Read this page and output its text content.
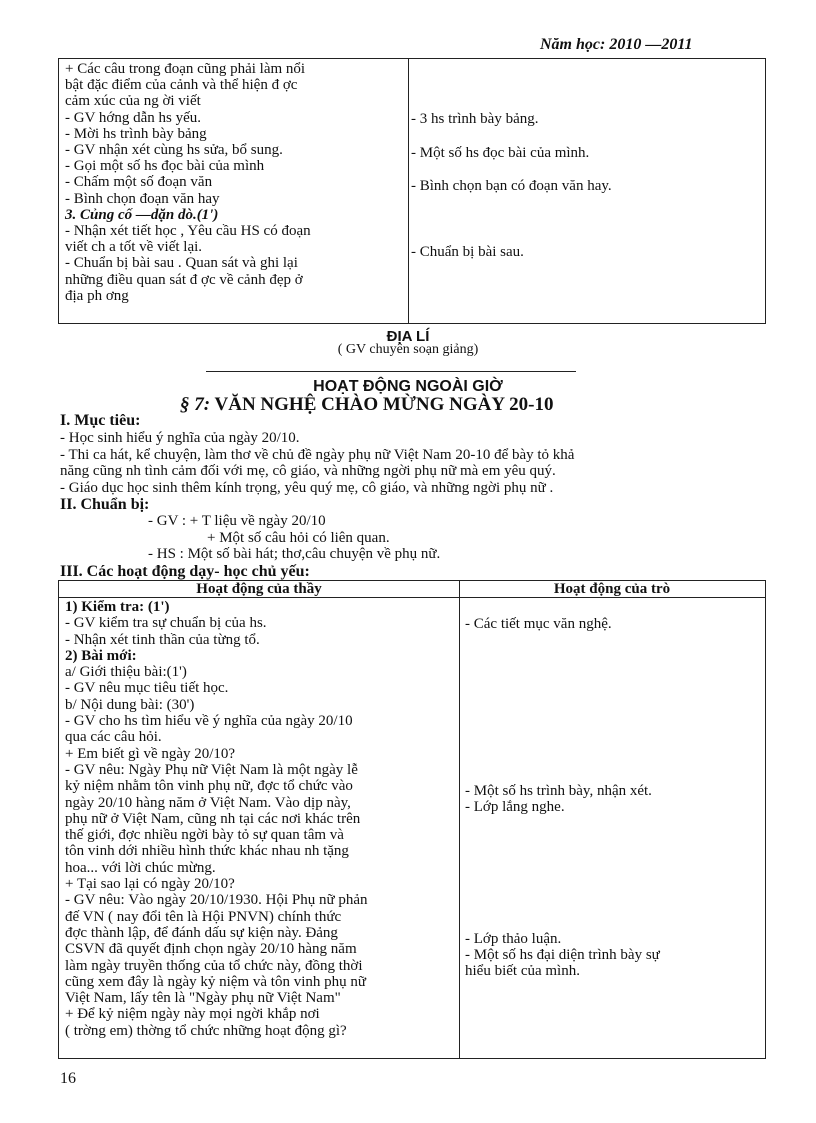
Năm học: 2010 —2011
+ Các câu trong đoạn cũng phải làm nổi
bật đặc điểm của cảnh và thể hiện đ ợc
cảm xúc của ng ời viết
- GV hớng dẫn hs yếu.
- Mời hs trình bày bảng
- GV nhận xét cùng hs sửa, bổ sung.
- Gọi một số hs đọc bài của mình
- Chấm một số đoạn văn
- Bình chọn đoạn văn hay
3. Củng cố —dặn dò.(1')
- Nhận xét tiết học , Yêu cầu HS có đoạn
viết ch a tốt về viết lại.
- Chuẩn bị bài sau . Quan sát và ghi lại
những điều quan sát đ ợc về cảnh đẹp ở
địa ph ơng
- 3 hs trình bày bảng.
- Một số hs đọc bài của mình.
- Bình chọn bạn có đoạn văn hay.
- Chuẩn bị bài sau.
ĐỊA LÍ
( GV chuyên soạn giảng)
HOẠT ĐỘNG NGOÀI GIỜ
§ 7: VĂN NGHỆ CHÀO MỪNG NGÀY 20-10
I. Mục tiêu:
- Học sinh hiểu ý nghĩa của ngày 20/10.
- Thi ca hát, kể chuyện, làm thơ về chủ đề ngày phụ nữ Việt Nam 20-10 để bày tỏ khả
năng cũng nh tình cảm đối với mẹ, cô giáo, và những ngời phụ nữ mà em yêu quý.
- Giáo dục học sinh thêm kính trọng, yêu quý mẹ, cô giáo, và những ngời phụ nữ .
II. Chuẩn bị:
- GV : + T liệu về ngày 20/10
+ Một số câu hỏi có liên quan.
- HS : Một số bài hát; thơ,câu chuyện về phụ nữ.
III. Các hoạt động dạy- học chủ yếu:
Hoạt động của thầy	Hoạt động của trò
1) Kiểm tra: (1')
- GV kiểm tra sự chuẩn bị của hs.
- Nhận xét tinh thần của từng tổ.
2) Bài mới:
a/ Giới thiệu bài:(1')
- GV nêu mục tiêu tiết học.
b/ Nội dung bài: (30')
- GV cho hs tìm hiểu về ý nghĩa của ngày 20/10
qua các câu hỏi.
+ Em biết gì về ngày 20/10?
- GV nêu: Ngày Phụ nữ Việt Nam là một ngày lễ
kỷ niệm nhằm tôn vinh phụ nữ, đợc tổ chức vào
ngày 20/10 hàng năm ở Việt Nam. Vào dịp này,
phụ nữ ở Việt Nam, cũng nh tại các nơi khác trên
thế giới, đợc nhiều ngời bày tỏ sự quan tâm và
tôn vinh dới nhiều hình thức khác nhau nh tặng
hoa... với lời chúc mừng.
+ Tại sao lại có ngày 20/10?
- GV nêu: Vào ngày 20/10/1930. Hội Phụ nữ phản
đế VN ( nay đổi tên là Hội PNVN) chính thức
đợc thành lập, để đánh dấu sự kiện này. Đảng
CSVN đã quyết định chọn ngày 20/10 hàng năm
làm ngày truyền thống của tổ chức này, đồng thời
cũng xem đây là ngày kỷ niệm và tôn vinh phụ nữ
Việt Nam, lấy tên là "Ngày phụ nữ Việt Nam"
+ Để kỷ niệm ngày này mọi ngời khắp nơi
( trờng em) thờng tổ chức những hoạt động gì?
- Các tiết mục văn nghệ.
- Một số hs trình bày, nhận xét.
- Lớp lắng nghe.
- Lớp thảo luận.
- Một số hs đại diện trình bày sự
hiểu biết của mình.
16
